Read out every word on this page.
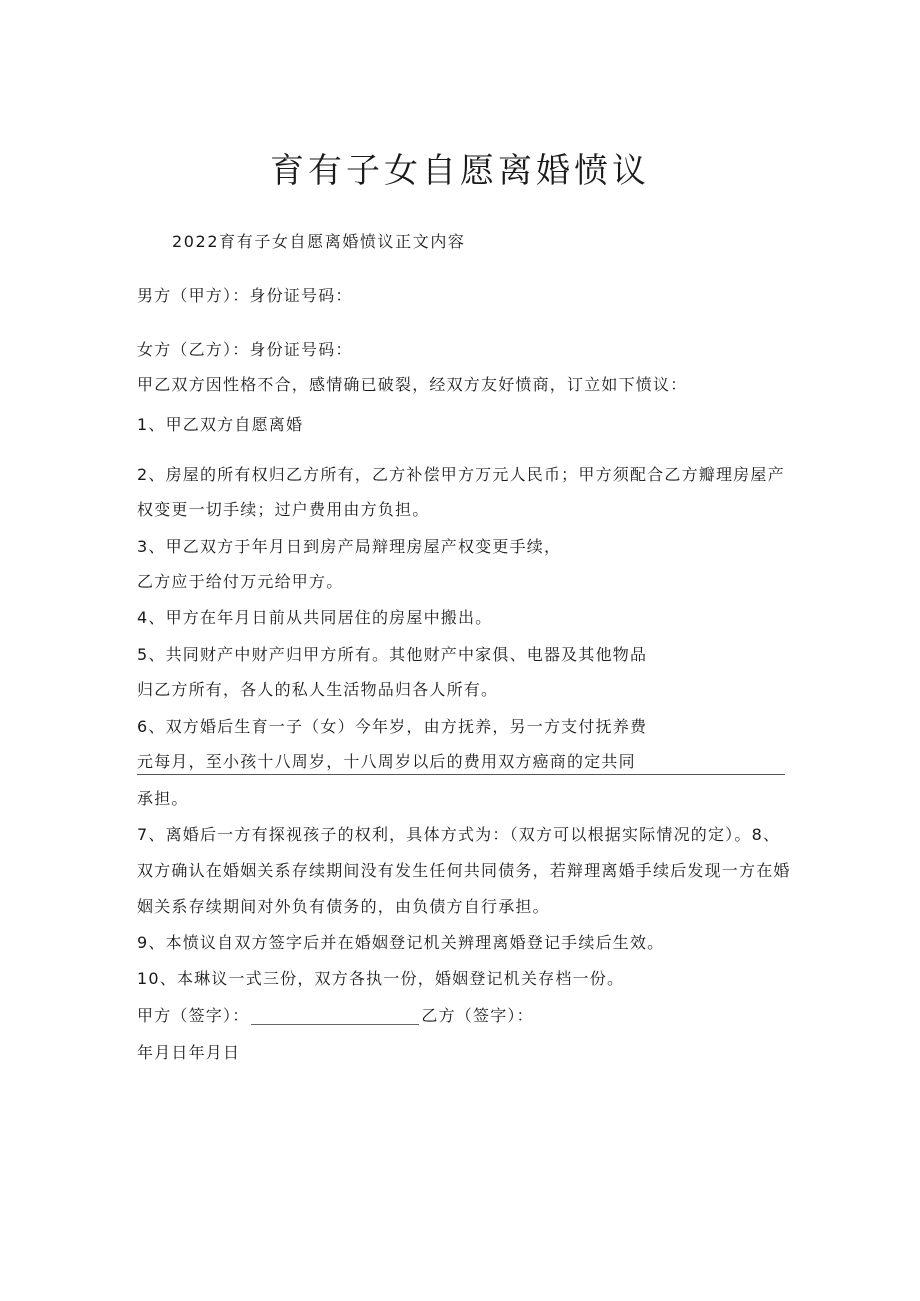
育有子女自愿离婚愤议
2022育有子女自愿离婚愤议正文内容
男方（甲方）：身份证号码：
女方（乙方）：身份证号码：
甲乙双方因性格不合，感情确已破裂，经双方友好愤商，订立如下愤议：
1、甲乙双方自愿离婚
2、房屋的所有权归乙方所有，乙方补偿甲方万元人民币；甲方须配合乙方瓣理房屋产
权变更一切手续；过户费用由方负担。
3、甲乙双方于年月日到房产局辩理房屋产权变更手续，
乙方应于给付万元给甲方。
4、甲方在年月日前从共同居住的房屋中搬出。
5、共同财产中财产归甲方所有。其他财产中家俱、电器及其他物品
归乙方所有，各人的私人生活物品归各人所有。
6、双方婚后生育一子（女）今年岁，由方抚养，另一方支付抚养费
元每月，至小孩十八周岁，十八周岁以后的费用双方癌商的定共同
承担。
7、离婚后一方有探视孩子的权利，具体方式为：（双方可以根据实际情况的定）。8、
双方确认在婚姻关系存续期间没有发生任何共同债务，若辩理离婚手续后发现一方在婚
姻关系存续期间对外负有债务的，由负债方自行承担。
9、本愤议自双方签字后并在婚姻登记机关辨理离婚登记手续后生效。
10、本琳议一式三份，双方各执一份，婚姻登记机关存档一份。
甲方（签字）：	乙方（签字）：
年月日年月日
